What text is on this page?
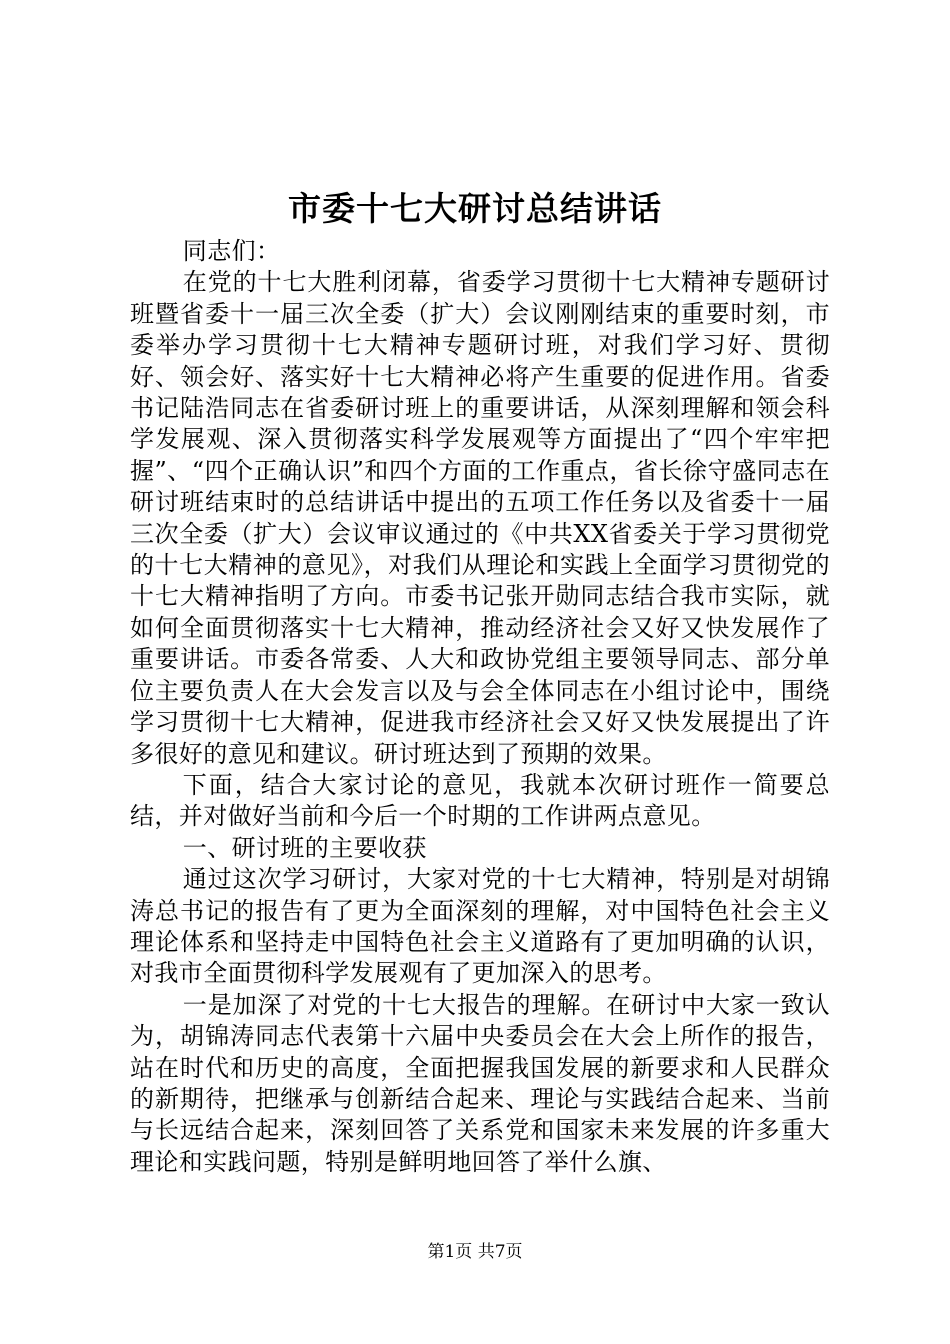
市委十七大研讨总结讲话

同志们：

在党的十七大胜利闭幕，省委学习贯彻十七大精神专题研讨班暨省委十一届三次全委（扩大）会议刚刚结束的重要时刻，市委举办学习贯彻十七大精神专题研讨班，对我们学习好、贯彻好、领会好、落实好十七大精神必将产生重要的促进作用。省委书记陆浩同志在省委研讨班上的重要讲话，从深刻理解和领会科学发展观、深入贯彻落实科学发展观等方面提出了“四个牢牢把握”、“四个正确认识”和四个方面的工作重点，省长徐守盛同志在研讨班结束时的总结讲话中提出的五项工作任务以及省委十一届三次全委（扩大）会议审议通过的《中共XX省委关于学习贯彻党的十七大精神的意见》，对我们从理论和实践上全面学习贯彻党的十七大精神指明了方向。市委书记张开勋同志结合我市实际，就如何全面贯彻落实十七大精神，推动经济社会又好又快发展作了重要讲话。市委各常委、人大和政协党组主要领导同志、部分单位主要负责人在大会发言以及与会全体同志在小组讨论中，围绕学习贯彻十七大精神，促进我市经济社会又好又快发展提出了许多很好的意见和建议。研讨班达到了预期的效果。

下面，结合大家讨论的意见，我就本次研讨班作一简要总结，并对做好当前和今后一个时期的工作讲两点意见。

一、研讨班的主要收获

通过这次学习研讨，大家对党的十七大精神，特别是对胡锦涛总书记的报告有了更为全面深刻的理解，对中国特色社会主义理论体系和坚持走中国特色社会主义道路有了更加明确的认识，对我市全面贯彻科学发展观有了更加深入的思考。

一是加深了对党的十七大报告的理解。在研讨中大家一致认为，胡锦涛同志代表第十六届中央委员会在大会上所作的报告，站在时代和历史的高度，全面把握我国发展的新要求和人民群众的新期待，把继承与创新结合起来、理论与实践结合起来、当前与长远结合起来，深刻回答了关系党和国家未来发展的许多重大理论和实践问题，特别是鲜明地回答了举什么旗、

第1页 共7页
